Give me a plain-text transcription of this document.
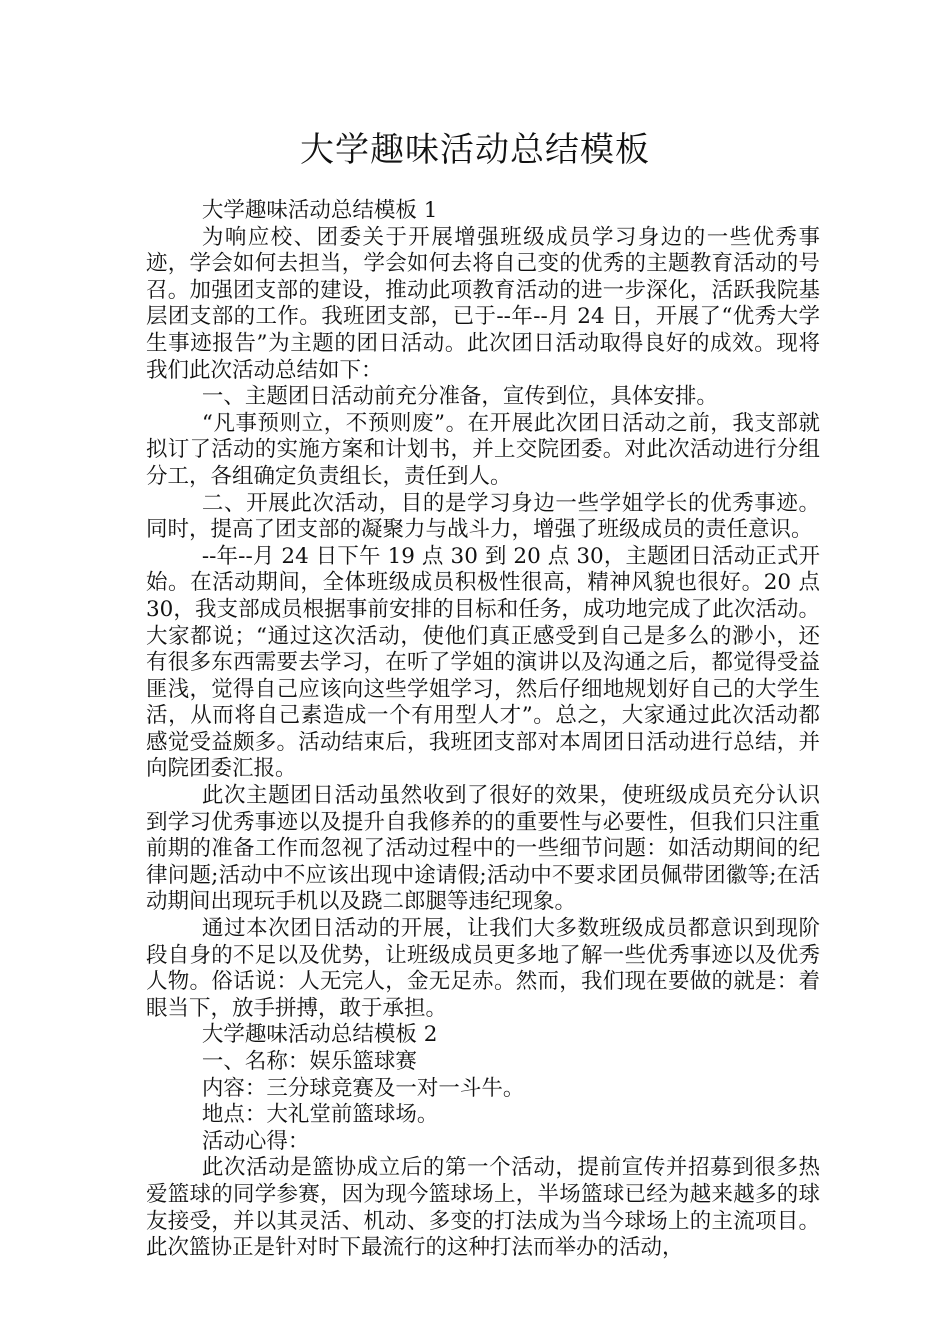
大学趣味活动总结模板

大学趣味活动总结模板 1

为响应校、团委关于开展增强班级成员学习身边的一些优秀事迹，学会如何去担当，学会如何去将自己变的优秀的主题教育活动的号召。加强团支部的建设，推动此项教育活动的进一步深化，活跃我院基层团支部的工作。我班团支部，已于--年--月 24 日，开展了“优秀大学生事迹报告”为主题的团日活动。此次团日活动取得良好的成效。现将我们此次活动总结如下：

一、主题团日活动前充分准备，宣传到位，具体安排。

“凡事预则立，不预则废”。在开展此次团日活动之前，我支部就拟订了活动的实施方案和计划书，并上交院团委。对此次活动进行分组分工，各组确定负责组长，责任到人。

二、开展此次活动，目的是学习身边一些学姐学长的优秀事迹。同时，提高了团支部的凝聚力与战斗力，增强了班级成员的责任意识。

--年--月 24 日下午 19 点 30 到 20 点 30，主题团日活动正式开始。在活动期间，全体班级成员积极性很高，精神风貌也很好。20 点 30，我支部成员根据事前安排的目标和任务，成功地完成了此次活动。大家都说；“通过这次活动，使他们真正感受到自己是多么的渺小，还有很多东西需要去学习，在听了学姐的演讲以及沟通之后，都觉得受益匪浅，觉得自己应该向这些学姐学习，然后仔细地规划好自己的大学生活，从而将自己素造成一个有用型人才”。总之，大家通过此次活动都感觉受益颇多。活动结束后，我班团支部对本周团日活动进行总结，并向院团委汇报。

此次主题团日活动虽然收到了很好的效果，使班级成员充分认识到学习优秀事迹以及提升自我修养的的重要性与必要性，但我们只注重前期的准备工作而忽视了活动过程中的一些细节问题：如活动期间的纪律问题;活动中不应该出现中途请假;活动中不要求团员佩带团徽等;在活动期间出现玩手机以及跷二郎腿等违纪现象。

通过本次团日活动的开展，让我们大多数班级成员都意识到现阶段自身的不足以及优势，让班级成员更多地了解一些优秀事迹以及优秀人物。俗话说：人无完人，金无足赤。然而，我们现在要做的就是：着眼当下，放手拼搏，敢于承担。

大学趣味活动总结模板 2

一、名称：娱乐篮球赛

内容：三分球竞赛及一对一斗牛。

地点：大礼堂前篮球场。

活动心得：

此次活动是篮协成立后的第一个活动，提前宣传并招募到很多热爱篮球的同学参赛，因为现今篮球场上，半场篮球已经为越来越多的球友接受，并以其灵活、机动、多变的打法成为当今球场上的主流项目。此次篮协正是针对时下最流行的这种打法而举办的活动，
